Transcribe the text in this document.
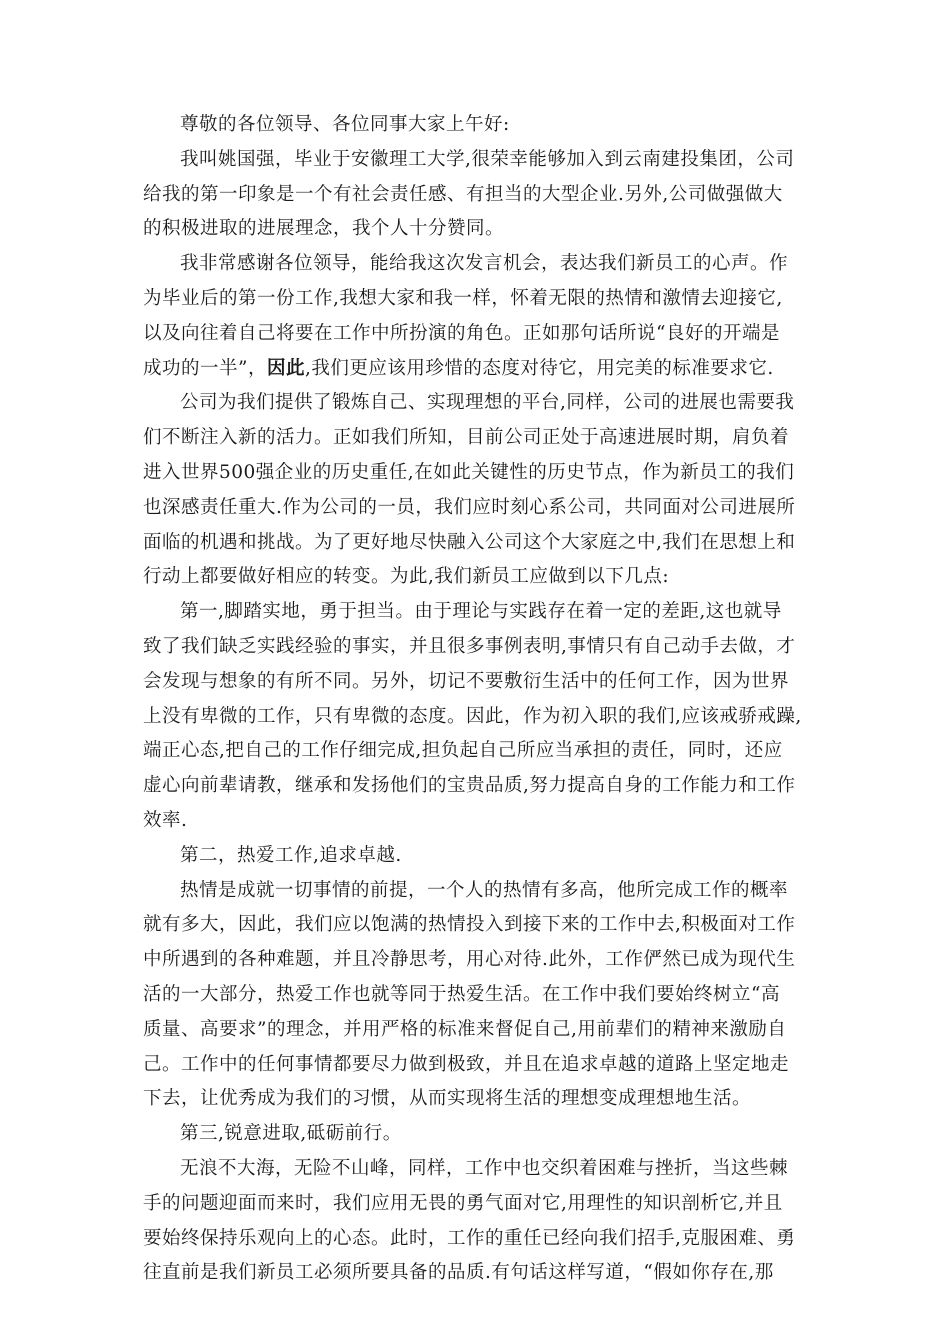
尊敬的各位领导、各位同事大家上午好:
我叫姚国强，毕业于安徽理工大学,很荣幸能够加入到云南建投集团，公司
给我的第一印象是一个有社会责任感、有担当的大型企业.另外,公司做强做大
的积极进取的进展理念，我个人十分赞同。
我非常感谢各位领导，能给我这次发言机会，表达我们新员工的心声。作
为毕业后的第一份工作,我想大家和我一样，怀着无限的热情和激情去迎接它,
以及向往着自己将要在工作中所扮演的角色。正如那句话所说“良好的开端是
成功的一半”，因此,我们更应该用珍惜的态度对待它，用完美的标准要求它.
公司为我们提供了锻炼自己、实现理想的平台,同样，公司的进展也需要我
们不断注入新的活力。正如我们所知，目前公司正处于高速进展时期，肩负着
进入世界500强企业的历史重任,在如此关键性的历史节点，作为新员工的我们
也深感责任重大.作为公司的一员，我们应时刻心系公司，共同面对公司进展所
面临的机遇和挑战。为了更好地尽快融入公司这个大家庭之中,我们在思想上和
行动上都要做好相应的转变。为此,我们新员工应做到以下几点:
第一,脚踏实地，勇于担当。由于理论与实践存在着一定的差距,这也就导
致了我们缺乏实践经验的事实，并且很多事例表明,事情只有自己动手去做，才
会发现与想象的有所不同。另外，切记不要敷衍生活中的任何工作，因为世界
上没有卑微的工作，只有卑微的态度。因此，作为初入职的我们,应该戒骄戒躁,
端正心态,把自己的工作仔细完成,担负起自己所应当承担的责任，同时，还应
虚心向前辈请教，继承和发扬他们的宝贵品质,努力提高自身的工作能力和工作
效率.
第二，热爱工作,追求卓越.
热情是成就一切事情的前提，一个人的热情有多高，他所完成工作的概率
就有多大，因此，我们应以饱满的热情投入到接下来的工作中去,积极面对工作
中所遇到的各种难题，并且冷静思考，用心对待.此外，工作俨然已成为现代生
活的一大部分，热爱工作也就等同于热爱生活。在工作中我们要始终树立“高
质量、高要求”的理念，并用严格的标准来督促自己,用前辈们的精神来激励自
己。工作中的任何事情都要尽力做到极致，并且在追求卓越的道路上坚定地走
下去，让优秀成为我们的习惯，从而实现将生活的理想变成理想地生活。
第三,锐意进取,砥砺前行。
无浪不大海，无险不山峰，同样，工作中也交织着困难与挫折，当这些棘
手的问题迎面而来时，我们应用无畏的勇气面对它,用理性的知识剖析它,并且
要始终保持乐观向上的心态。此时，工作的重任已经向我们招手,克服困难、勇
往直前是我们新员工必须所要具备的品质.有句话这样写道，“假如你存在,那
